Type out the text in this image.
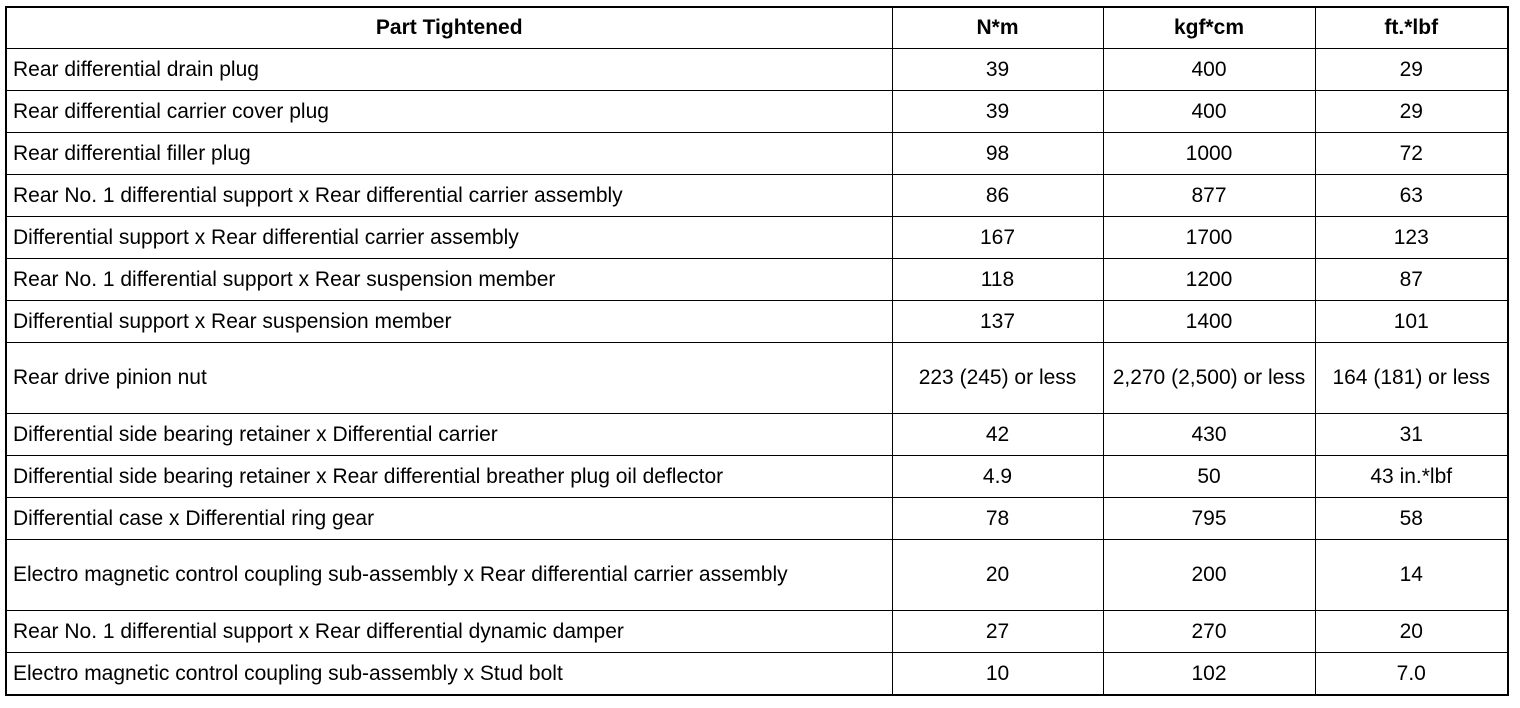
Part Tightened	N*m	kgf*cm	ft.*lbf
Rear differential drain plug	39	400	29
Rear differential carrier cover plug	39	400	29
Rear differential filler plug	98	1000	72
Rear No. 1 differential support x Rear differential carrier assembly	86	877	63
Differential support x Rear differential carrier assembly	167	1700	123
Rear No. 1 differential support x Rear suspension member	118	1200	87
Differential support x Rear suspension member	137	1400	101
Rear drive pinion nut	223 (245) or less	2,270 (2,500) or less	164 (181) or less
Differential side bearing retainer x Differential carrier	42	430	31
Differential side bearing retainer x Rear differential breather plug oil deflector	4.9	50	43 in.*lbf
Differential case x Differential ring gear	78	795	58
Electro magnetic control coupling sub-assembly x Rear differential carrier assembly	20	200	14
Rear No. 1 differential support x Rear differential dynamic damper	27	270	20
Electro magnetic control coupling sub-assembly x Stud bolt	10	102	7.0
